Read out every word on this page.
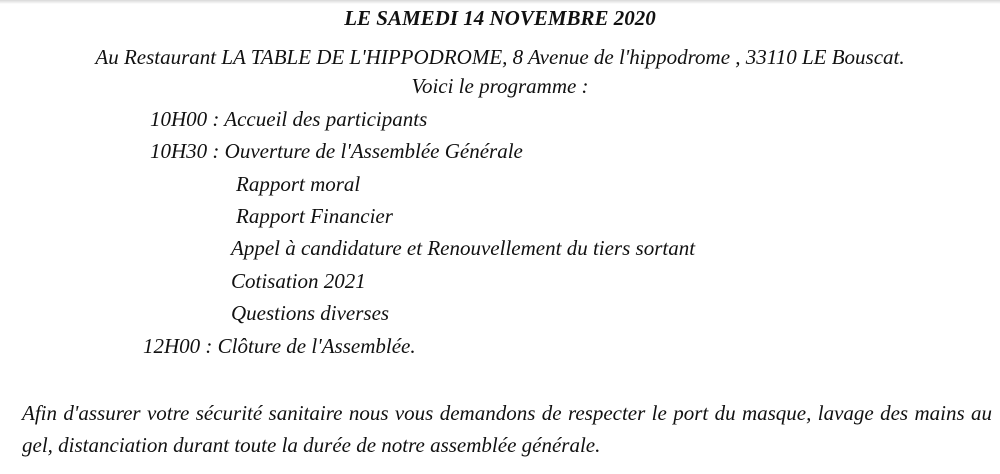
LE SAMEDI 14 NOVEMBRE 2020
Au Restaurant LA TABLE DE L'HIPPODROME, 8 Avenue de l'hippodrome , 33110 LE Bouscat.
Voici le programme :
10H00 : Accueil des participants
10H30 : Ouverture de l'Assemblée Générale
Rapport moral
Rapport Financier
Appel à candidature et Renouvellement du tiers sortant
Cotisation 2021
Questions diverses
12H00 : Clôture de l'Assemblée.
Afin d'assurer votre sécurité sanitaire nous vous demandons de respecter le port du masque, lavage des mains au gel, distanciation durant toute la durée de notre assemblée générale.
